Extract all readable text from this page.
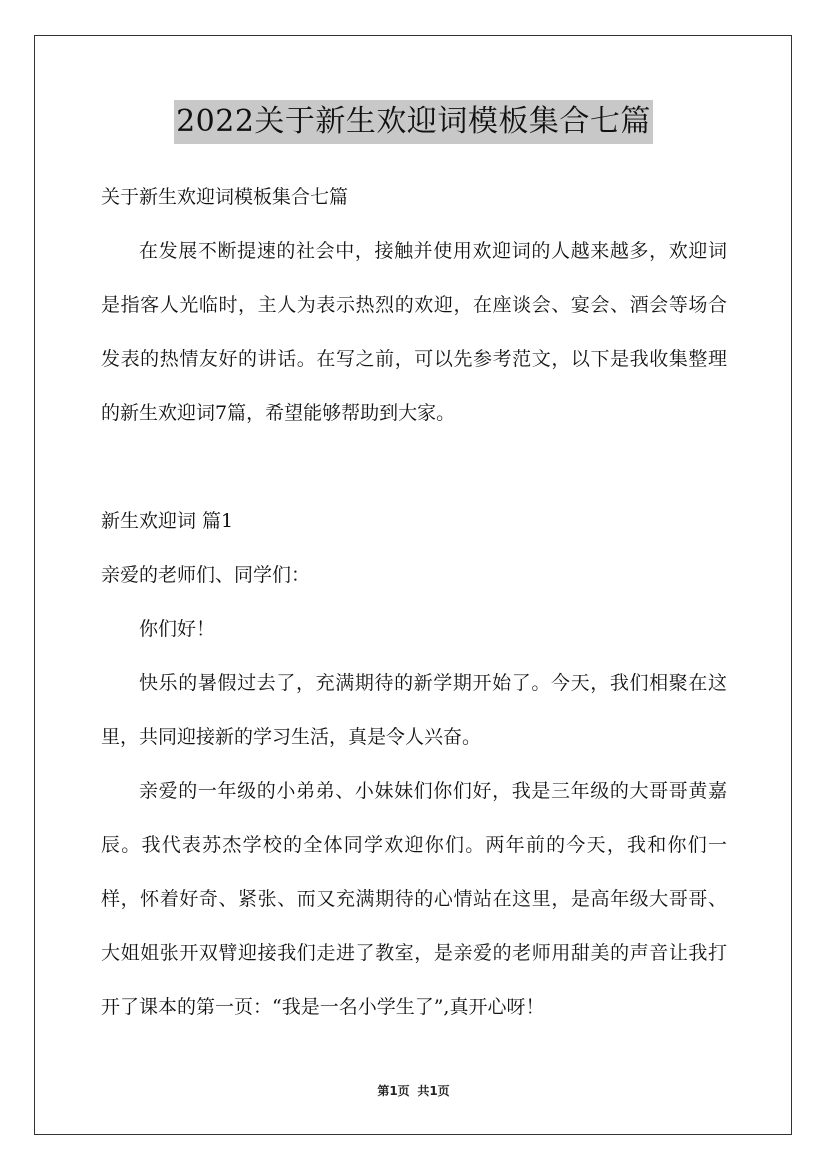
2022关于新生欢迎词模板集合七篇

关于新生欢迎词模板集合七篇

在发展不断提速的社会中，接触并使用欢迎词的人越来越多，欢迎词是指客人光临时，主人为表示热烈的欢迎，在座谈会、宴会、酒会等场合发表的热情友好的讲话。在写之前，可以先参考范文，以下是我收集整理的新生欢迎词7篇，希望能够帮助到大家。

新生欢迎词 篇1

亲爱的老师们、同学们：

你们好！

快乐的暑假过去了，充满期待的新学期开始了。今天，我们相聚在这里，共同迎接新的学习生活，真是令人兴奋。

亲爱的一年级的小弟弟、小妹妹们你们好，我是三年级的大哥哥黄嘉辰。我代表苏杰学校的全体同学欢迎你们。两年前的今天，我和你们一样，怀着好奇、紧张、而又充满期待的心情站在这里，是高年级大哥哥、大姐姐张开双臂迎接我们走进了教室，是亲爱的老师用甜美的声音让我打开了课本的第一页：“我是一名小学生了”,真开心呀！

第1页 共1页
